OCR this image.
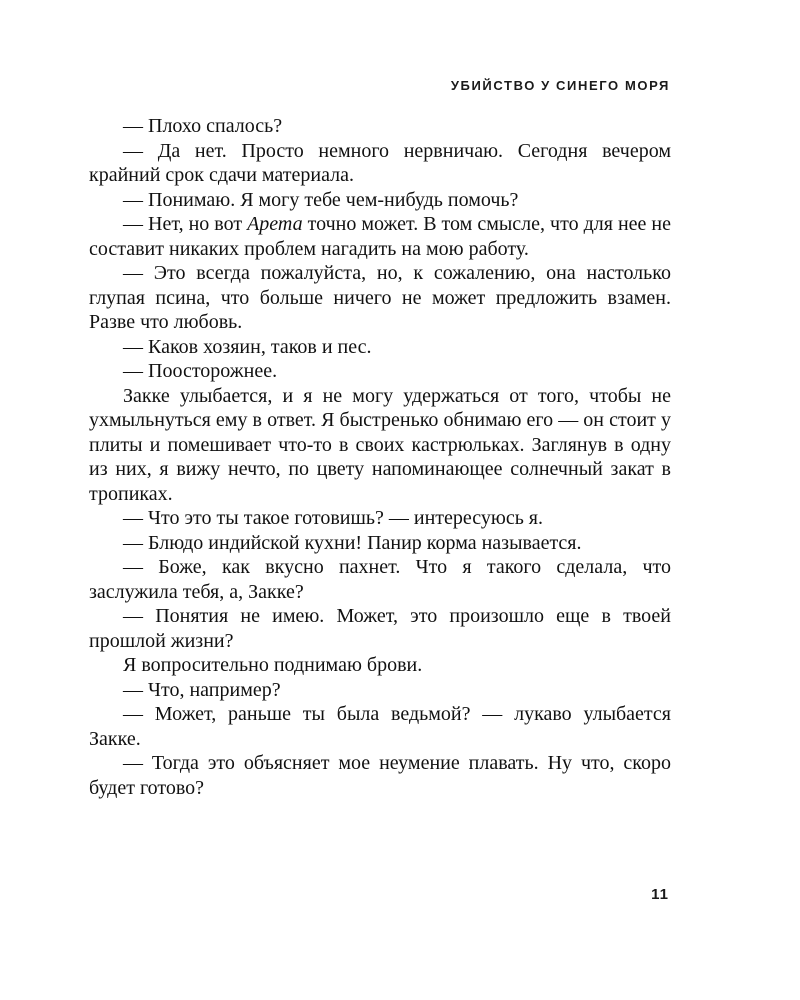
УБИЙСТВО У СИНЕГО МОРЯ

— Плохо спалось?

— Да нет. Просто немного нервничаю. Сегодня вечером крайний срок сдачи материала.

— Понимаю. Я могу тебе чем-нибудь помочь?

— Нет, но вот Арета точно может. В том смысле, что для нее не составит никаких проблем нагадить на мою работу.

— Это всегда пожалуйста, но, к сожалению, она настолько глупая псина, что больше ничего не может предложить взамен. Разве что любовь.

— Каков хозяин, таков и пес.

— Поосторожнее.

Закке улыбается, и я не могу удержаться от того, чтобы не ухмыльнуться ему в ответ. Я быстренько обнимаю его — он стоит у плиты и помешивает что-то в своих кастрюльках. Заглянув в одну из них, я вижу нечто, по цвету напоминающее солнечный закат в тропиках.

— Что это ты такое готовишь? — интересуюсь я.

— Блюдо индийской кухни! Панир корма называется.

— Боже, как вкусно пахнет. Что я такого сделала, что заслужила тебя, а, Закке?

— Понятия не имею. Может, это произошло еще в твоей прошлой жизни?

Я вопросительно поднимаю брови.

— Что, например?

— Может, раньше ты была ведьмой? — лукаво улыбается Закке.

— Тогда это объясняет мое неумение плавать. Ну что, скоро будет готово?

11
